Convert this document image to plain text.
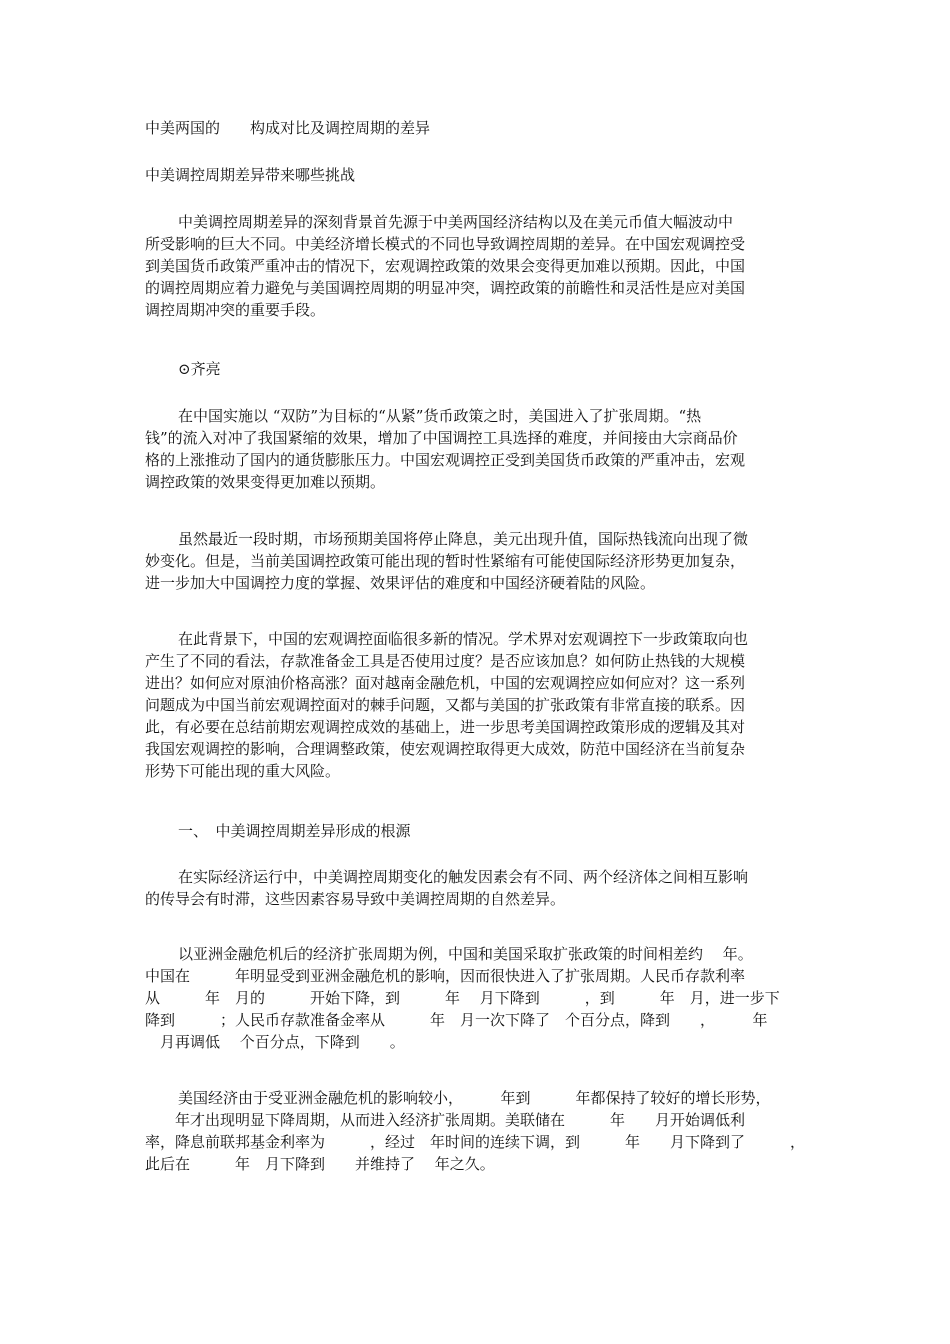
中美两国的　　构成对比及调控周期的差异
中美调控周期差异带来哪些挑战
中美调控周期差异的深刻背景首先源于中美两国经济结构以及在美元币值大幅波动中
所受影响的巨大不同。中美经济增长模式的不同也导致调控周期的差异。在中国宏观调控受
到美国货币政策严重冲击的情况下，宏观调控政策的效果会变得更加难以预期。因此，中国
的调控周期应着力避免与美国调控周期的明显冲突，调控政策的前瞻性和灵活性是应对美国
调控周期冲突的重要手段。
⊙齐亮
在中国实施以 “双防”为目标的“从紧”货币政策之时，美国进入了扩张周期。“热
钱”的流入对冲了我国紧缩的效果，增加了中国调控工具选择的难度，并间接由大宗商品价
格的上涨推动了国内的通货膨胀压力。中国宏观调控正受到美国货币政策的严重冲击，宏观
调控政策的效果变得更加难以预期。
虽然最近一段时期，市场预期美国将停止降息，美元出现升值，国际热钱流向出现了微
妙变化。但是，当前美国调控政策可能出现的暂时性紧缩有可能使国际经济形势更加复杂，
进一步加大中国调控力度的掌握、效果评估的难度和中国经济硬着陆的风险。
在此背景下，中国的宏观调控面临很多新的情况。学术界对宏观调控下一步政策取向也
产生了不同的看法，存款准备金工具是否使用过度？是否应该加息？如何防止热钱的大规模
进出？如何应对原油价格高涨？面对越南金融危机，中国的宏观调控应如何应对？这一系列
问题成为中国当前宏观调控面对的棘手问题，又都与美国的扩张政策有非常直接的联系。因
此，有必要在总结前期宏观调控成效的基础上，进一步思考美国调控政策形成的逻辑及其对
我国宏观调控的影响，合理调整政策，使宏观调控取得更大成效，防范中国经济在当前复杂
形势下可能出现的重大风险。
一、　中美调控周期差异形成的根源
在实际经济运行中，中美调控周期变化的触发因素会有不同、两个经济体之间相互影响
的传导会有时滞，这些因素容易导致中美调控周期的自然差异。
以亚洲金融危机后的经济扩张周期为例，中国和美国采取扩张政策的时间相差约　 年。
中国在　　　年明显受到亚洲金融危机的影响，因而很快进入了扩张周期。人民币存款利率
从　　　年　月的　　　开始下降，到　　　年　 月下降到　　　，到　　　年　月，进一步下
降到　　　；人民币存款准备金率从　　　年　月一次下降了　个百分点，降到　　，　　　年
　月再调低　 个百分点，下降到　　。
美国经济由于受亚洲金融危机的影响较小，　　　年到　　　年都保持了较好的增长形势，
　　年才出现明显下降周期，从而进入经济扩张周期。美联储在　　　年　　月开始调低利
率，降息前联邦基金利率为　　　，经过　年时间的连续下调，到　　　年　　月下降到了　　　，
此后在　　　年　月下降到　　并维持了　 年之久。
